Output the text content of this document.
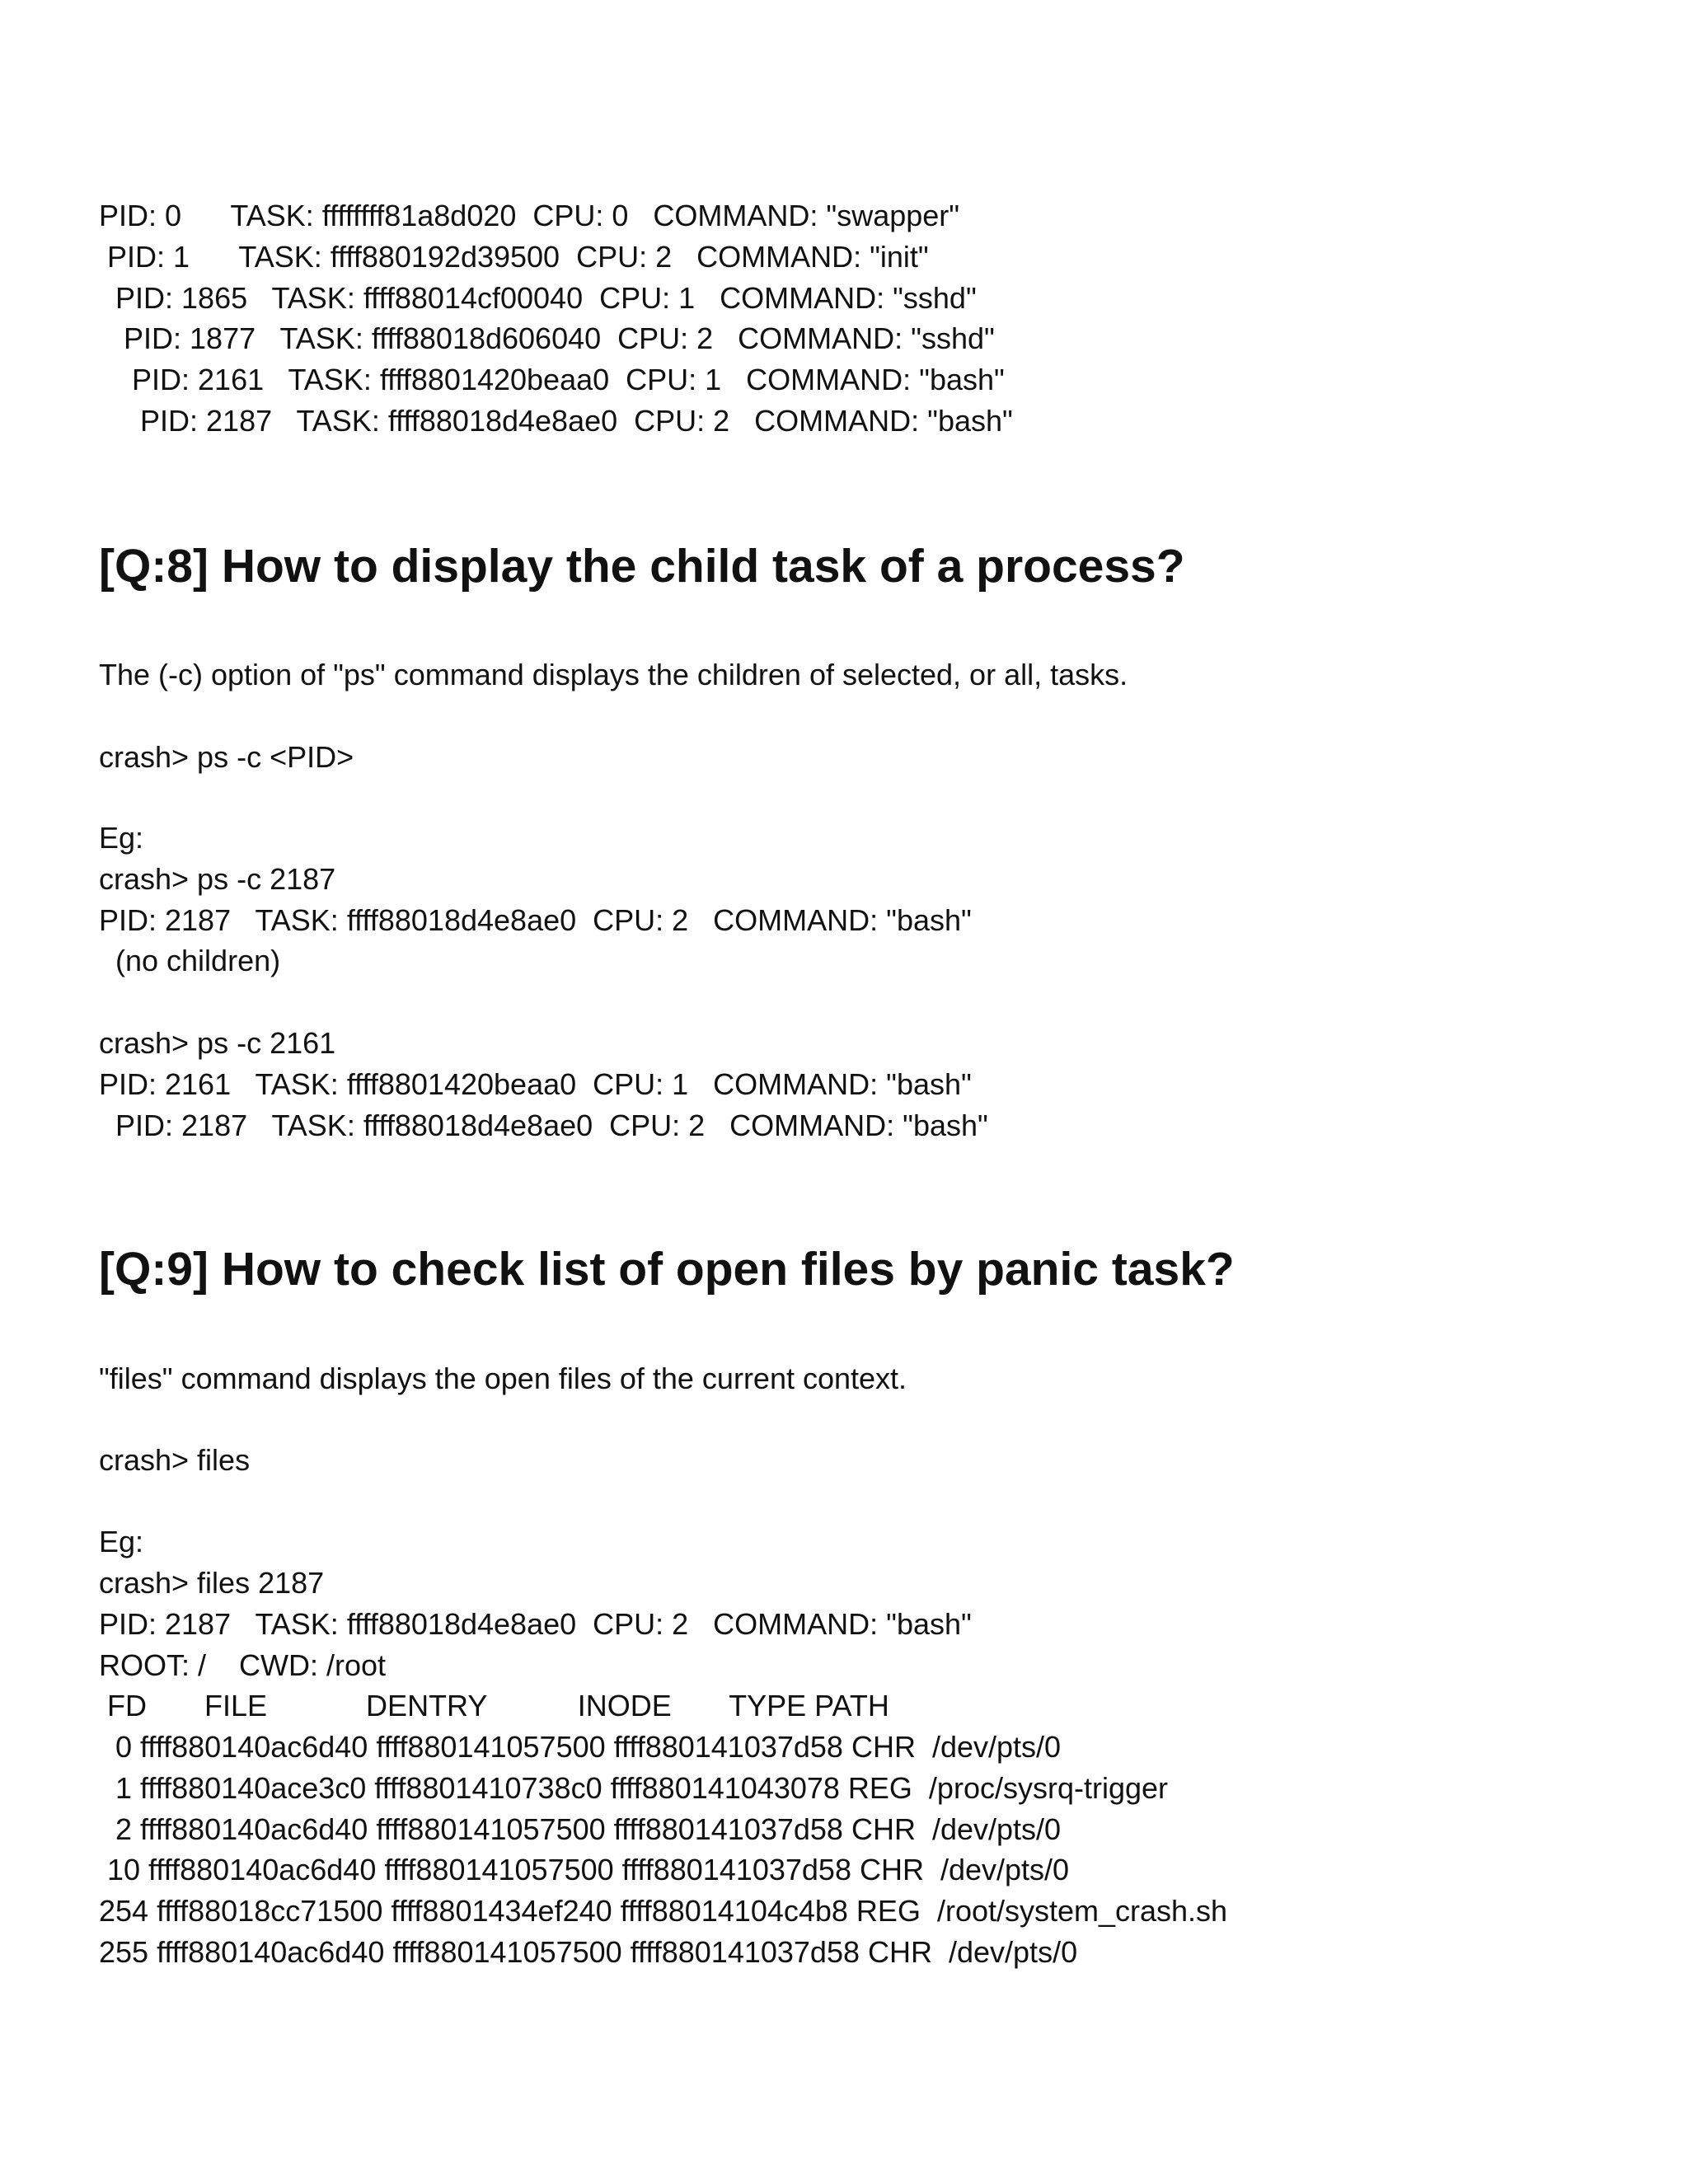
PID: 0      TASK: ffffffff81a8d020  CPU: 0   COMMAND: "swapper"

PID: 1      TASK: ffff880192d39500  CPU: 2   COMMAND: "init"

PID: 1865   TASK: ffff88014cf00040  CPU: 1   COMMAND: "sshd"

PID: 1877   TASK: ffff88018d606040  CPU: 2   COMMAND: "sshd"

PID: 2161   TASK: ffff8801420beaa0  CPU: 1   COMMAND: "bash"

PID: 2187   TASK: ffff88018d4e8ae0  CPU: 2   COMMAND: "bash"

[Q:8] How to display the child task of a process?

The (-c) option of "ps" command displays the children of selected, or all, tasks.

crash> ps -c <PID>

Eg:

crash> ps -c 2187

PID: 2187   TASK: ffff88018d4e8ae0  CPU: 2   COMMAND: "bash"

(no children)

crash> ps -c 2161

PID: 2161   TASK: ffff8801420beaa0  CPU: 1   COMMAND: "bash"

PID: 2187   TASK: ffff88018d4e8ae0  CPU: 2   COMMAND: "bash"

[Q:9] How to check list of open files by panic task?

"files" command displays the open files of the current context.

crash> files

Eg:

crash> files 2187

PID: 2187   TASK: ffff88018d4e8ae0  CPU: 2   COMMAND: "bash"

ROOT: /    CWD: /root

FD       FILE            DENTRY           INODE       TYPE PATH

0 ffff880140ac6d40 ffff880141057500 ffff880141037d58 CHR  /dev/pts/0

1 ffff880140ace3c0 ffff8801410738c0 ffff880141043078 REG  /proc/sysrq-trigger

2 ffff880140ac6d40 ffff880141057500 ffff880141037d58 CHR  /dev/pts/0

10 ffff880140ac6d40 ffff880141057500 ffff880141037d58 CHR  /dev/pts/0

254 ffff88018cc71500 ffff8801434ef240 ffff88014104c4b8 REG  /root/system_crash.sh

255 ffff880140ac6d40 ffff880141057500 ffff880141037d58 CHR  /dev/pts/0
